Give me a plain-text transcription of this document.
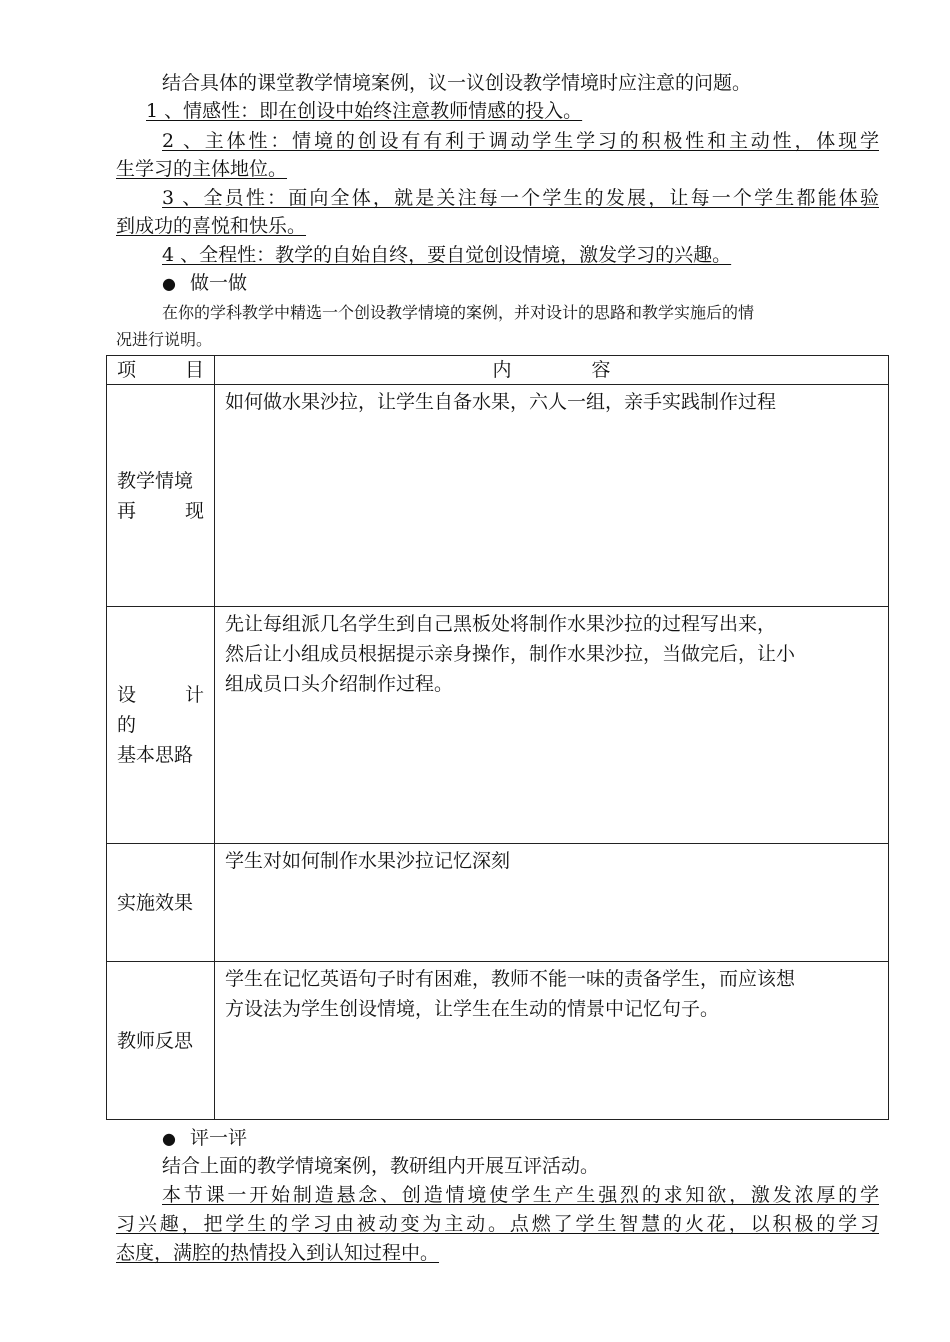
结合具体的课堂教学情境案例，议一议创设教学情境时应注意的问题。
1 、情感性：即在创设中始终注意教师情感的投入。
2 、主体性：情境的创设有有利于调动学生学习的积极性和主动性，体现学
生学习的主体地位。
3 、全员性：面向全体，就是关注每一个学生的发展，让每一个学生都能体验
到成功的喜悦和快乐。
4 、全程性：教学的自始自终，要自觉创设情境，激发学习的兴趣。
● 做一做
在你的学科教学中精选一个创设教学情境的案例，并对设计的思路和教学实施后的情
况进行说明。
项　　目	内容

教学情境
再　　现	如何做水果沙拉，让学生自备水果，六人一组，亲手实践制作过程

设　计　的
基本思路	先让每组派几名学生到自己黑板处将制作水果沙拉的过程写出来，
然后让小组成员根据提示亲身操作，制作水果沙拉，当做完后，让小
组成员口头介绍制作过程。

实施效果	学生对如何制作水果沙拉记忆深刻

教师反思	学生在记忆英语句子时有困难，教师不能一味的责备学生，而应该想
方设法为学生创设情境，让学生在生动的情景中记忆句子。
● 评一评
结合上面的教学情境案例，教研组内开展互评活动。
本节课一开始制造悬念、创造情境使学生产生强烈的求知欲，激发浓厚的学
习兴趣，把学生的学习由被动变为主动。点燃了学生智慧的火花，以积极的学习
态度，满腔的热情投入到认知过程中。
